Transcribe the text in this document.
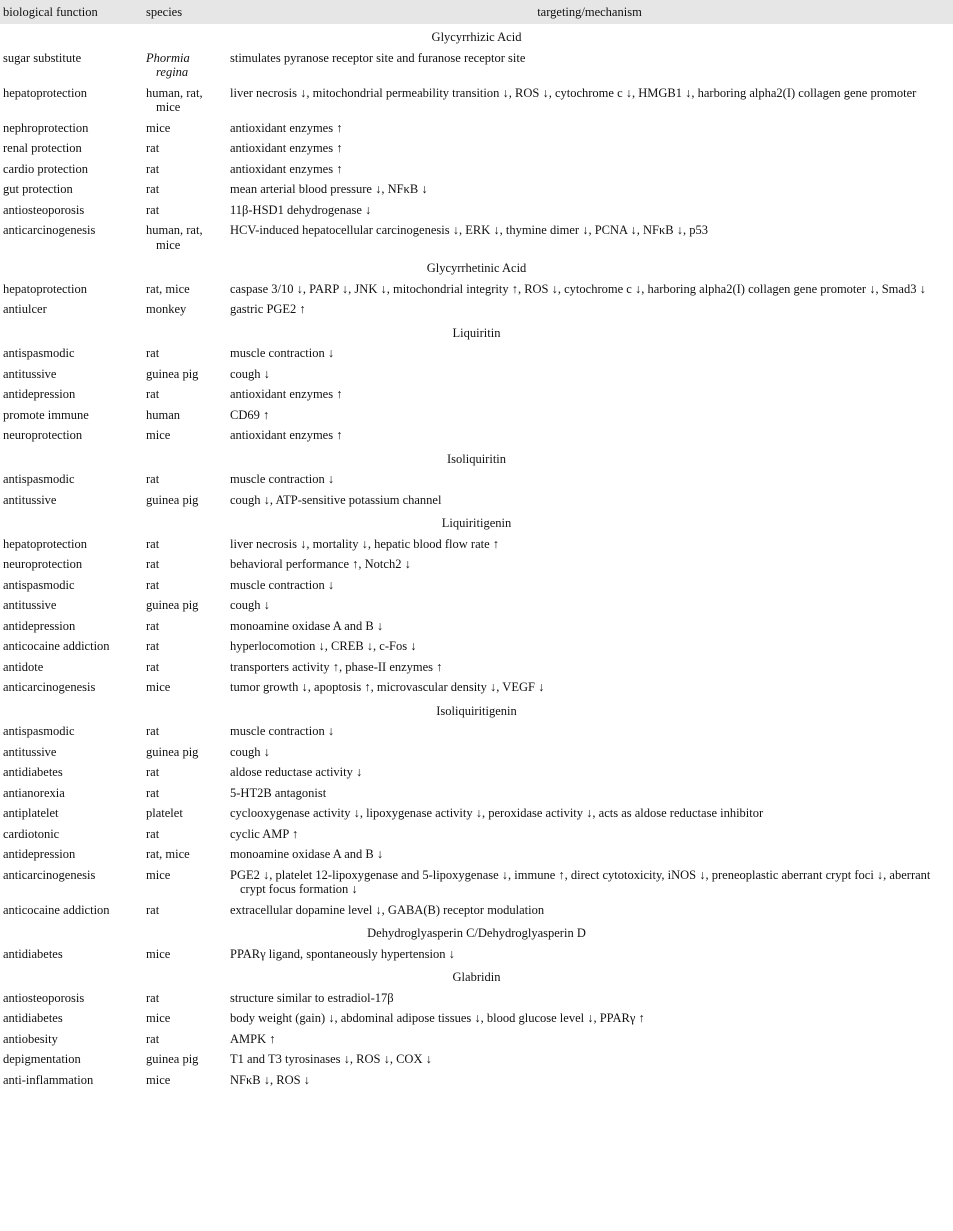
biological function	species	targeting/mechanism
Glycyrrhizic Acid		

sugar substitute	Phormia regina	stimulates pyranose receptor site and furanose receptor site

hepatoprotection	human, rat, mice	liver necrosis ↓, mitochondrial permeability transition ↓, ROS ↓, cytochrome c ↓, HMGB1 ↓, harboring alpha2(I) collagen gene promoter

nephroprotection	mice	antioxidant enzymes ↑

renal protection	rat	antioxidant enzymes ↑

cardio protection	rat	antioxidant enzymes ↑

gut protection	rat	mean arterial blood pressure ↓, NFκB ↓

antiosteoporosis	rat	11β-HSD1 dehydrogenase ↓

anticarcinogenesis	human, rat, mice	HCV-induced hepatocellular carcinogenesis ↓, ERK ↓, thymine dimer ↓, PCNA ↓, NFκB ↓, p53

Glycyrrhetinic Acid		

hepatoprotection	rat, mice	caspase 3/10 ↓, PARP ↓, JNK ↓, mitochondrial integrity ↑, ROS ↓, cytochrome c ↓, harboring alpha2(I) collagen gene promoter ↓, Smad3 ↓

antiulcer	monkey	gastric PGE2 ↑

Liquiritin		

antispasmodic	rat	muscle contraction ↓

antitussive	guinea pig	cough ↓

antidepression	rat	antioxidant enzymes ↑

promote immune	human	CD69 ↑

neuroprotection	mice	antioxidant enzymes ↑

Isoliquiritin		

antispasmodic	rat	muscle contraction ↓

antitussive	guinea pig	cough ↓, ATP-sensitive potassium channel

Liquiritigenin		

hepatoprotection	rat	liver necrosis ↓, mortality ↓, hepatic blood flow rate ↑

neuroprotection	rat	behavioral performance ↑, Notch2 ↓

antispasmodic	rat	muscle contraction ↓

antitussive	guinea pig	cough ↓

antidepression	rat	monoamine oxidase A and B ↓

anticocaine addiction	rat	hyperlocomotion ↓, CREB ↓, c-Fos ↓

antidote	rat	transporters activity ↑, phase-II enzymes ↑

anticarcinogenesis	mice	tumor growth ↓, apoptosis ↑, microvascular density ↓, VEGF ↓

Isoliquiritigenin		

antispasmodic	rat	muscle contraction ↓

antitussive	guinea pig	cough ↓

antidiabetes	rat	aldose reductase activity ↓

antianorexia	rat	5-HT2B antagonist

antiplatelet	platelet	cyclooxygenase activity ↓, lipoxygenase activity ↓, peroxidase activity ↓, acts as aldose reductase inhibitor

cardiotonic	rat	cyclic AMP ↑

antidepression	rat, mice	monoamine oxidase A and B ↓

anticarcinogenesis	mice	PGE2 ↓, platelet 12-lipoxygenase and 5-lipoxygenase ↓, immune ↑, direct cytotoxicity, iNOS ↓, preneoplastic aberrant crypt foci ↓, aberrant crypt focus formation ↓

anticocaine addiction	rat	extracellular dopamine level ↓, GABA(B) receptor modulation

Dehydroglyasperin C/Dehydroglyasperin D		

antidiabetes	mice	PPARγ ligand, spontaneously hypertension ↓

Glabridin		

antiosteoporosis	rat	structure similar to estradiol-17β

antidiabetes	mice	body weight (gain) ↓, abdominal adipose tissues ↓, blood glucose level ↓, PPARγ ↑

antiobesity	rat	AMPK ↑

depigmentation	guinea pig	T1 and T3 tyrosinases ↓, ROS ↓, COX ↓

anti-inflammation	mice	NFκB ↓, ROS ↓
